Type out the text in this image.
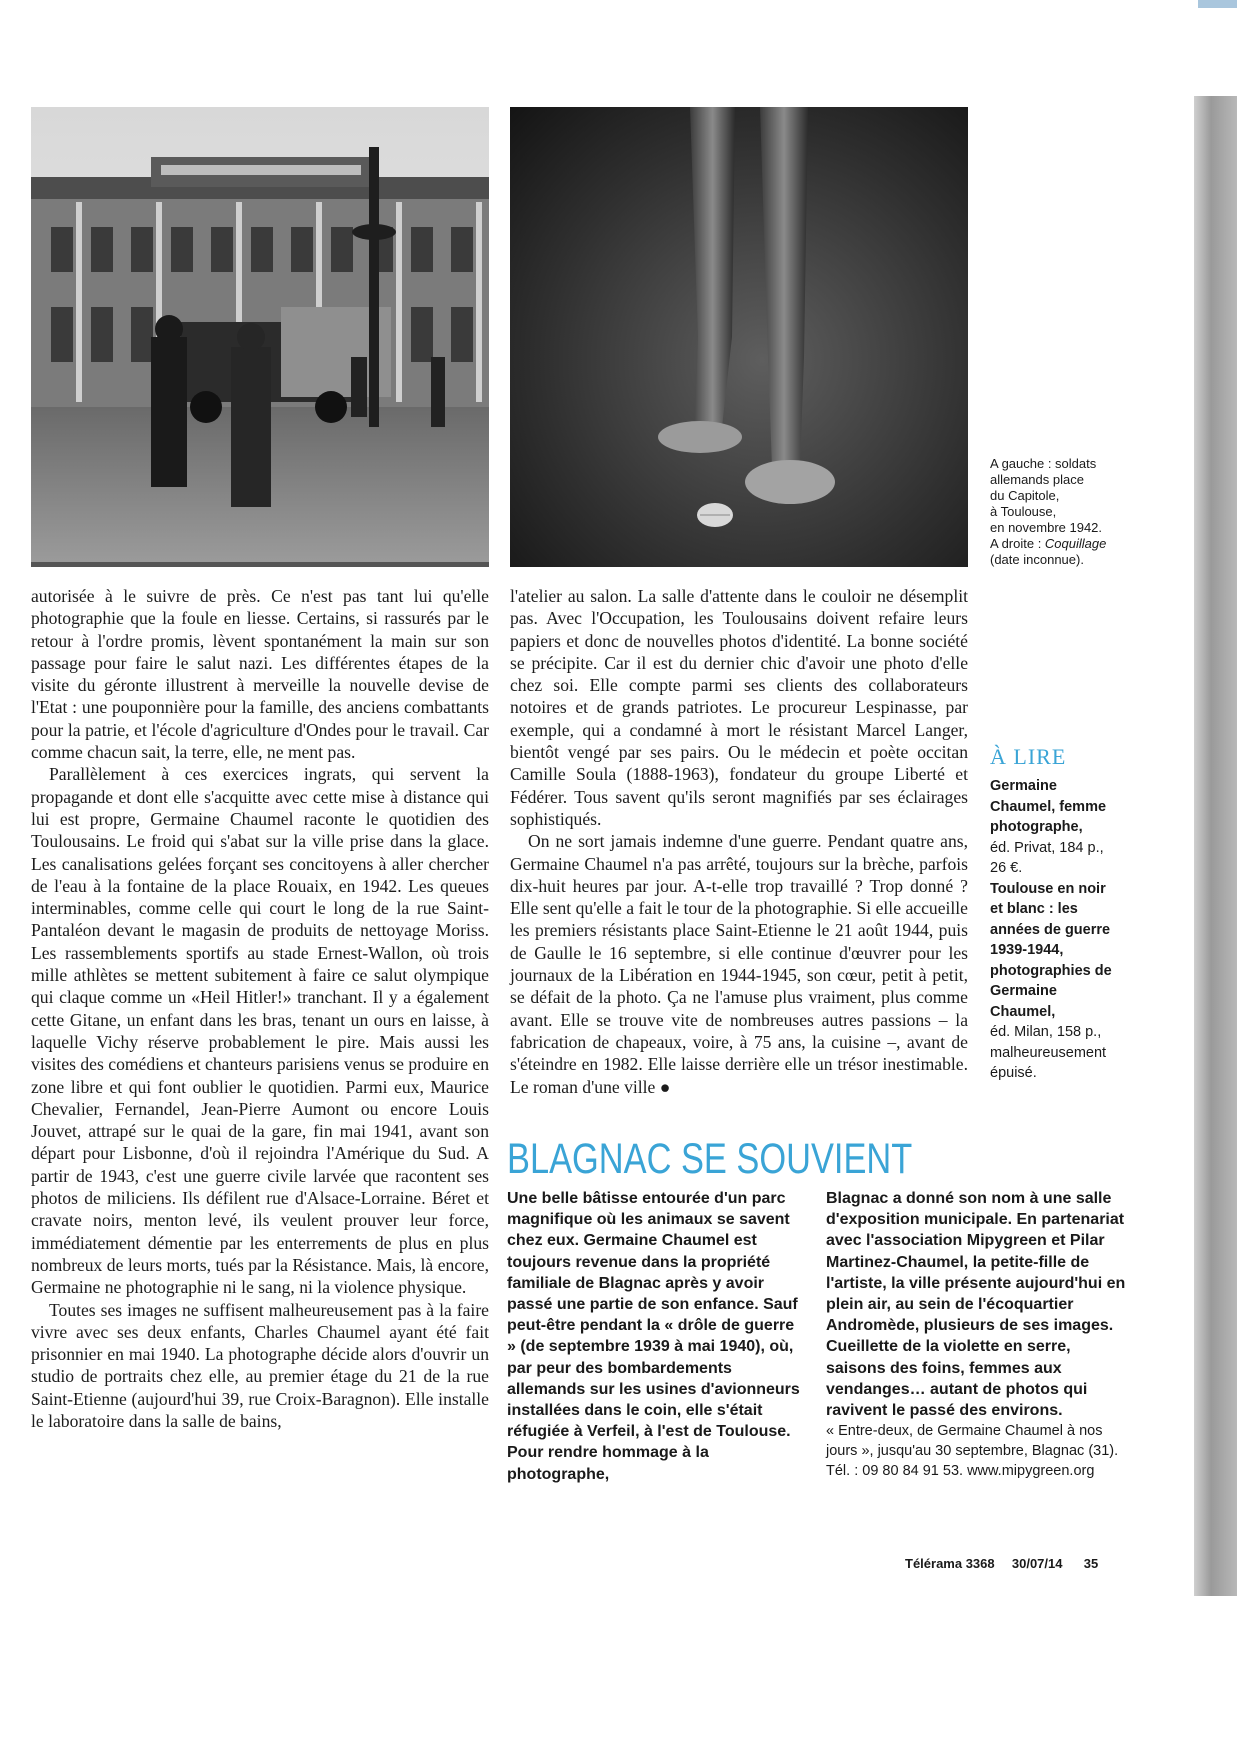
A gauche : soldats
allemands place
du Capitole,
à Toulouse,
en novembre 1942.
A droite : Coquillage
(date inconnue).

autorisée à le suivre de près. Ce n'est pas tant lui qu'elle photographie que la foule en liesse. Certains, si rassurés par le retour à l'ordre promis, lèvent spontanément la main sur son passage pour faire le salut nazi. Les différentes étapes de la visite du géronte illustrent à merveille la nouvelle devise de l'Etat : une pouponnière pour la famille, des anciens combattants pour la patrie, et l'école d'agriculture d'Ondes pour le travail. Car comme chacun sait, la terre, elle, ne ment pas.

Parallèlement à ces exercices ingrats, qui servent la propagande et dont elle s'acquitte avec cette mise à distance qui lui est propre, Germaine Chaumel raconte le quotidien des Toulousains. Le froid qui s'abat sur la ville prise dans la glace. Les canalisations gelées forçant ses concitoyens à aller chercher de l'eau à la fontaine de la place Rouaix, en 1942. Les queues interminables, comme celle qui court le long de la rue Saint-Pantaléon devant le magasin de produits de nettoyage Moriss. Les rassemblements sportifs au stade Ernest-Wallon, où trois mille athlètes se mettent subitement à faire ce salut olympique qui claque comme un «Heil Hitler!» tranchant. Il y a également cette Gitane, un enfant dans les bras, tenant un ours en laisse, à laquelle Vichy réserve probablement le pire. Mais aussi les visites des comédiens et chanteurs parisiens venus se produire en zone libre et qui font oublier le quotidien. Parmi eux, Maurice Chevalier, Fernandel, Jean-Pierre Aumont ou encore Louis Jouvet, attrapé sur le quai de la gare, fin mai 1941, avant son départ pour Lisbonne, d'où il rejoindra l'Amérique du Sud. A partir de 1943, c'est une guerre civile larvée que racontent ses photos de miliciens. Ils défilent rue d'Alsace-Lorraine. Béret et cravate noirs, menton levé, ils veulent prouver leur force, immédiatement démentie par les enterrements de plus en plus nombreux de leurs morts, tués par la Résistance. Mais, là encore, Germaine ne photographie ni le sang, ni la violence physique.

Toutes ses images ne suffisent malheureusement pas à la faire vivre avec ses deux enfants, Charles Chaumel ayant été fait prisonnier en mai 1940. La photographe décide alors d'ouvrir un studio de portraits chez elle, au premier étage du 21 de la rue Saint-Etienne (aujourd'hui 39, rue Croix-Baragnon). Elle installe le laboratoire dans la salle de bains,

l'atelier au salon. La salle d'attente dans le couloir ne désemplit pas. Avec l'Occupation, les Toulousains doivent refaire leurs papiers et donc de nouvelles photos d'identité. La bonne société se précipite. Car il est du dernier chic d'avoir une photo d'elle chez soi. Elle compte parmi ses clients des collaborateurs notoires et de grands patriotes. Le procureur Lespinasse, par exemple, qui a condamné à mort le résistant Marcel Langer, bientôt vengé par ses pairs. Ou le médecin et poète occitan Camille Soula (1888-1963), fondateur du groupe Liberté et Fédérer. Tous savent qu'ils seront magnifiés par ses éclairages sophistiqués.

On ne sort jamais indemne d'une guerre. Pendant quatre ans, Germaine Chaumel n'a pas arrêté, toujours sur la brèche, parfois dix-huit heures par jour. A-t-elle trop travaillé ? Trop donné ? Elle sent qu'elle a fait le tour de la photographie. Si elle accueille les premiers résistants place Saint-Etienne le 21 août 1944, puis de Gaulle le 16 septembre, si elle continue d'œuvrer pour les journaux de la Libération en 1944-1945, son cœur, petit à petit, se défait de la photo. Ça ne l'amuse plus vraiment, plus comme avant. Elle se trouve vite de nombreuses autres passions – la fabrication de chapeaux, voire, à 75 ans, la cuisine –, avant de s'éteindre en 1982. Elle laisse derrière elle un trésor inestimable. Le roman d'une ville ●

À LIRE
Germaine Chaumel, femme photographe,
éd. Privat, 184 p., 26 €.
Toulouse en noir et blanc : les années de guerre 1939-1944, photographies de Germaine Chaumel,
éd. Milan, 158 p., malheureusement épuisé.
BLAGNAC SE SOUVIENT
Une belle bâtisse entourée d'un parc magnifique où les animaux se savent chez eux. Germaine Chaumel est toujours revenue dans la propriété familiale de Blagnac après y avoir passé une partie de son enfance. Sauf peut-être pendant la « drôle de guerre » (de septembre 1939 à mai 1940), où, par peur des bombardements allemands sur les usines d'avionneurs installées dans le coin, elle s'était réfugiée à Verfeil, à l'est de Toulouse. Pour rendre hommage à la photographe,
Blagnac a donné son nom à une salle d'exposition municipale. En partenariat avec l'association Mipygreen et Pilar Martinez-Chaumel, la petite-fille de l'artiste, la ville présente aujourd'hui en plein air, au sein de l'écoquartier Andromède, plusieurs de ses images. Cueillette de la violette en serre, saisons des foins, femmes aux vendanges… autant de photos qui ravivent le passé des environs.
« Entre-deux, de Germaine Chaumel à nos jours », jusqu'au 30 septembre, Blagnac (31). Tél. : 09 80 84 91 53. www.mipygreen.org
Télérama 3368 30/07/14 35
